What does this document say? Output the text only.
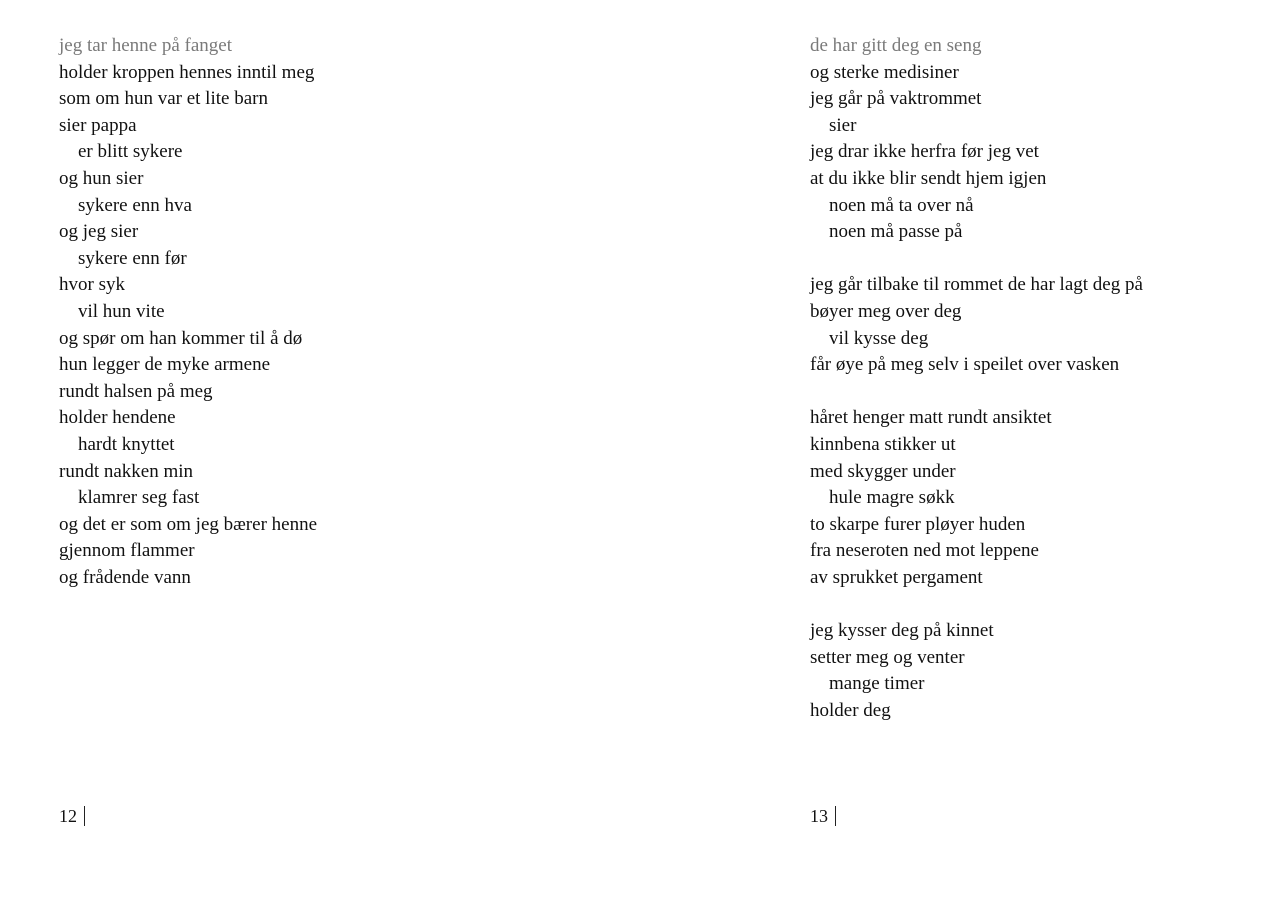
jeg tar henne på fanget
holder kroppen hennes inntil meg
som om hun var et lite barn
sier pappa
er blitt sykere
og hun sier
sykere enn hva
og jeg sier
sykere enn før
hvor syk
vil hun vite
og spør om han kommer til å dø
hun legger de myke armene
rundt halsen på meg
holder hendene
hardt knyttet
rundt nakken min
klamrer seg fast
og det er som om jeg bærer henne
gjennom flammer
og frådende vann
de har gitt deg en seng
og sterke medisiner
jeg går på vaktrommet
sier
jeg drar ikke herfra før jeg vet
at du ikke blir sendt hjem igjen
noen må ta over nå
noen må passe på
jeg går tilbake til rommet de har lagt deg på
bøyer meg over deg
vil kysse deg
får øye på meg selv i speilet over vasken
håret henger matt rundt ansiktet
kinnbena stikker ut
med skygger under
hule magre søkk
to skarpe furer pløyer huden
fra neseroten ned mot leppene
av sprukket pergament
jeg kysser deg på kinnet
setter meg og venter
mange timer
holder deg
12	13
